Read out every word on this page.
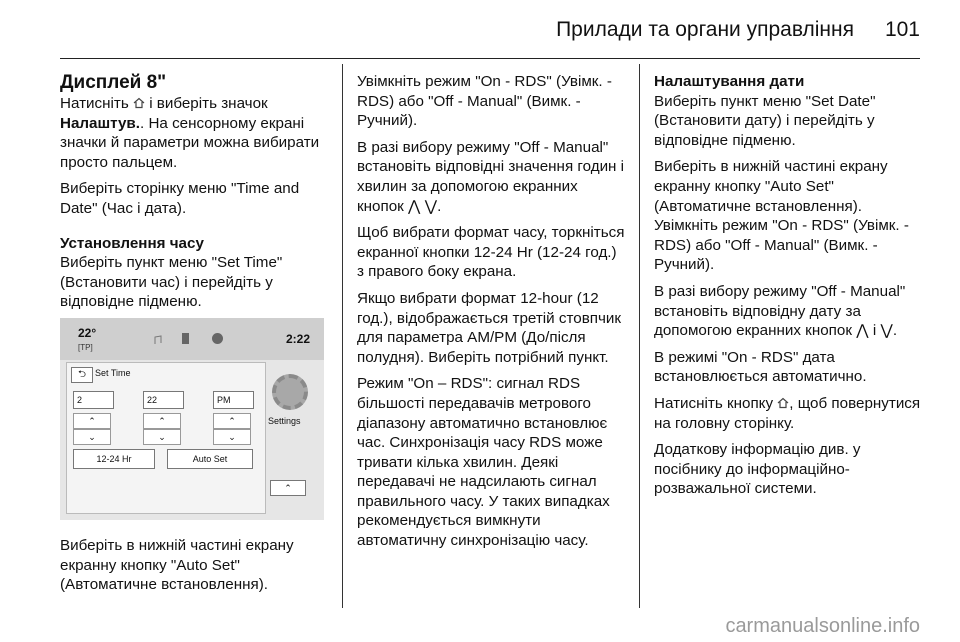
Прилади та органи управління 101
Дисплей 8"

Натисніть  і виберіть значок
Налаштув.. На сенсорному екрані значки й параметри можна вибирати просто пальцем.

Виберіть сторінку меню "Time and Date" (Час і дата).

Установлення часу

Виберіть пункт меню "Set Time" (Встановити час) і перейдіть у відповідне підменю.

Виберіть в нижній частині екрану екранну кнопку "Auto Set" (Автоматичне встановлення).

22°
[TP]
2:22
⮌	Set Time
2	22	PM
⌃
⌄
⌃
⌄
⌃
⌄
12-24 Hr	Auto Set
Settings
⌃

Увімкніть режим "On - RDS" (Увімк. - RDS) або "Off - Manual" (Вимк. - Ручний).

В разі вибору режиму "Off - Manual" встановіть відповідні значення годин і хвилин за допомогою екранних кнопок ⋀ ⋁.

Щоб вибрати формат часу, торкніться екранної кнопки 12-24 Hr (12-24 год.) з правого боку екрана.

Якщо вибрати формат 12-hour (12 год.), відображається третій стовпчик для параметра AM/PM (До/після полудня). Виберіть потрібний пункт.

Режим "On – RDS": сигнал RDS більшості передавачів метрового діапазону автоматично встановлює час. Синхронізація часу RDS може тривати кілька хвилин. Деякі передавачі не надсилають сигнал правильного часу. У таких випадках рекомендується вимкнути автоматичну синхронізацію часу.

Налаштування дати

Виберіть пункт меню "Set Date" (Встановити дату) і перейдіть у відповідне підменю.

Виберіть в нижній частині екрану екранну кнопку "Auto Set" (Автоматичне встановлення).

Увімкніть режим "On - RDS" (Увімк. - RDS) або "Off - Manual" (Вимк. - Ручний).

В разі вибору режиму "Off - Manual" встановіть відповідну дату за допомогою екранних кнопок ⋀ і ⋁.

В режимі "On - RDS" дата встановлюється автоматично.

Натисніть кнопку , щоб повернутися на головну сторінку.

Додаткову інформацію див. у посібнику до інформаційно-розважальної системи.

carmanualsonline.info
